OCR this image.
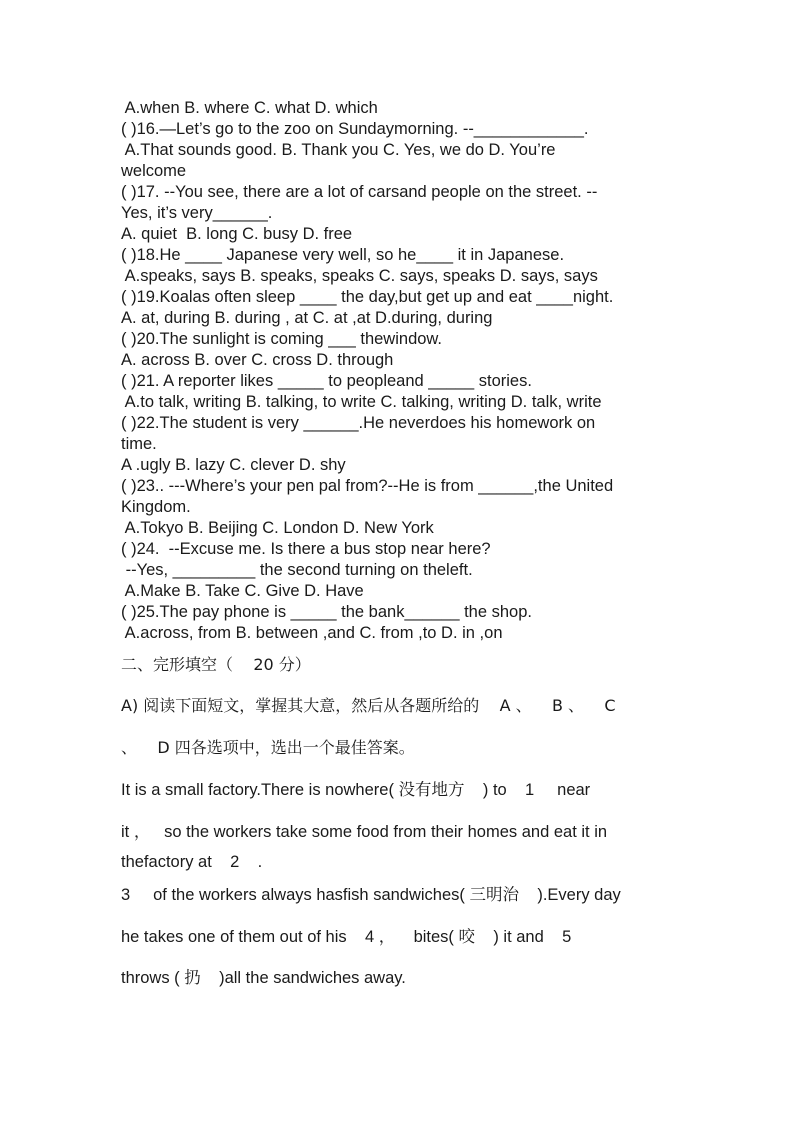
A.when B. where C. what D. which

( )16.—Let’s go to the zoo on Sundaymorning. --____________.

A.That sounds good. B. Thank you C. Yes, we do D. You’re

welcome

( )17. --You see, there are a lot of carsand people on the street. --

Yes, it’s very______.

A. quiet  B. long C. busy D. free

( )18.He ____ Japanese very well, so he____ it in Japanese.

A.speaks, says B. speaks, speaks C. says, speaks D. says, says

( )19.Koalas often sleep ____ the day,but get up and eat ____night.

A. at, during B. during , at C. at ,at D.during, during

( )20.The sunlight is coming ___ thewindow.

A. across B. over C. cross D. through

( )21. A reporter likes _____ to peopleand _____ stories.

A.to talk, writing B. talking, to write C. talking, writing D. talk, write

( )22.The student is very ______.He neverdoes his homework on

time.

A .ugly B. lazy C. clever D. shy

( )23.. ---Where’s your pen pal from?--He is from ______,the United

Kingdom.

A.Tokyo B. Beijing C. London D. New York

( )24.  --Excuse me. Is there a bus stop near here?

--Yes, _________ the second turning on theleft.

A.Make B. Take C. Give D. Have

( )25.The pay phone is _____ the bank______ the shop.

A.across, from B. between ,and C. from ,to D. in ,on

二、完形填空（    20 分）

A) 阅读下面短文，掌握其大意，然后从各题所给的    A 、    B 、    C

、    D 四各选项中，选出一个最佳答案。

It is a small factory.There is nowhere( 没有地方    ) to    1     near

it ，   so the workers take some food from their homes and eat it in

thefactory at    2    .

3     of the workers always hasfish sandwiches( 三明治    ).Every day

he takes one of them out of his    4 ，    bites( 咬    ) it and    5

throws ( 扔    )all the sandwiches away.
